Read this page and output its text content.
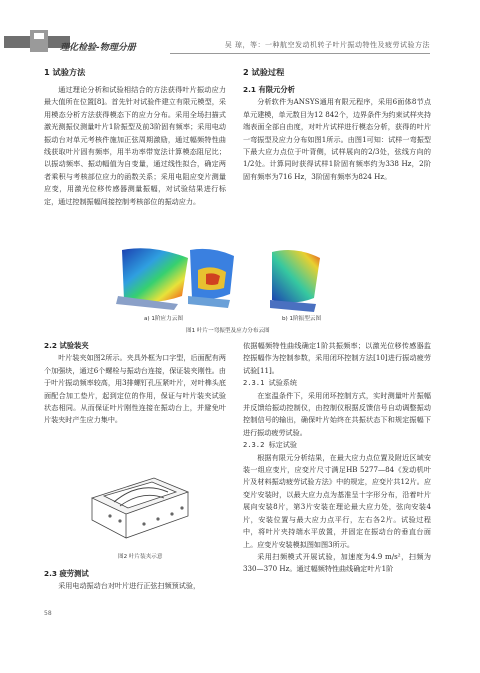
理化检验-物理分册	吴 琼，等：一种航空发动机转子叶片振动特性及疲劳试验方法
1 试验方法

通过理论分析和试验相结合的方法获得叶片振动应力最大值所在位置[8]。首先针对试验件建立有限元模型，采用模态分析方法获得模态下的应力分布。采用全场扫描式激光测振仪测量叶片1阶振型及前3阶固有频率；采用电动振动台对单元考核件施加正弦周期激励，通过幅频特性曲线获取叶片固有频率，用半功率带宽法计算模态阻尼比；以振动频率、振动幅值为自变量，通过线性拟合，确定两者乘积与考核部位应力的函数关系；采用电阻应变片测量应变，用激光位移传感器测量振幅，对试验结果进行标定，通过控制振幅间接控制考核部位的振动应力。

2 试验过程
2.1 有限元分析

分析软件为ANSYS通用有限元程序，采用6面体8节点单元建模，单元数目为12 842个，边界条件为约束试样夹持端表面全部自由度，对叶片试样进行模态分析，获得的叶片一弯振型及应力分布如图1所示。由图1可知：试样一弯振型下最大应力点位于叶背侧，试样展向的2/3处，弦线方向的1/2处。计算同时获得试样1阶固有频率约为338 Hz，2阶固有频率为716 Hz，3阶固有频率为824 Hz。

a) 1阶应力云图	b) 1阶振型云图
图1 叶片一弯振型及应力分布云图
2.2 试验装夹

叶片装夹如图2所示。夹具外框为口字型，后面配有两个加强块，通过6个螺栓与振动台连接，保证装夹刚性。由于叶片振动频率较高，用3排螺钉孔压紧叶片，对叶榫头底面配合加工垫片，起到定位的作用，保证与叶片装夹试验状态相同。从而保证叶片刚性连接在振动台上，并避免叶片装夹时产生应力集中。

图2 叶片装夹示意
2.3 疲劳测试

采用电动振动台对叶片进行正弦扫频预试验，

依据幅频特性曲线确定1阶共振频率；以激光位移传感器监控振幅作为控制参数，采用闭环控制方法[10]进行振动疲劳试验[11]。

2.3.1 试验系统

在室温条件下，采用闭环控制方式，实时测量叶片振幅并反馈给振动控制仪，由控制仪根据反馈信号自动调整振动控制信号的输出，确保叶片始终在共振状态下和规定振幅下进行振动疲劳试验。

2.3.2 标定试验

根据有限元分析结果，在最大应力点位置及附近区域安装一组应变片，应变片尺寸满足HB 5277—84《发动机叶片及材料振动疲劳试验方法》中的规定，应变片共12片。应变片安装时，以最大应力点为基准呈十字形分布，沿着叶片展向安装8片，第3片安装在理论最大应力处，弦向安装4片，安装位置与最大应力点平行，左右各2片。试验过程中，将叶片夹持端水平放置，并固定在振动台的垂直台面上。应变片安装模拟图如图3所示。

采用扫频模式开展试验，加速度为4.9 m/s²，扫频为330—370 Hz。通过幅频特性曲线确定叶片1阶

58
